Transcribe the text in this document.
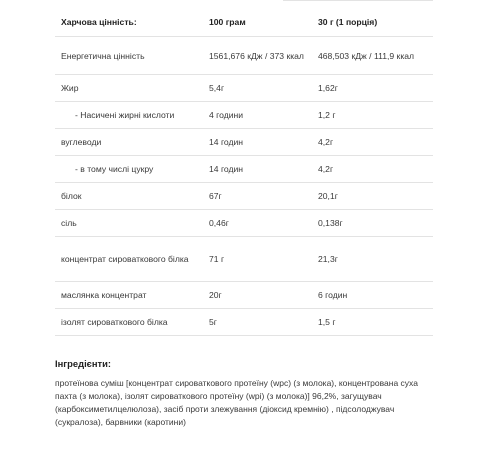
Харчова цінність:	100 грам	30 г (1 порція)
Енергетична цінність	1561,676 кДж / 373 ккал	468,503 кДж / 111,9 ккал
Жир	5,4г	1,62г
- Насичені жирні кислоти	4 години	1,2 г
вуглеводи	14 годин	4,2г
- в тому числі цукру	14 годин	4,2г
білок	67г	20,1г
сіль	0,46г	0,138г
концентрат сироваткового білка	71 г	21,3г
маслянка концентрат	20г	6 годин
ізолят сироваткового білка	5г	1,5 г
Інгредієнти:
протеїнова суміш [концентрат сироваткового протеїну (wpc) (з молока), концентрована суха пахта (з молока), ізолят сироваткового протеїну (wpi) (з молока)] 96,2%, загущувач (карбоксиметилцелюлоза), засіб проти злежування (діоксид кремнію) , підсолоджувач (сукралоза), барвники (каротини)
